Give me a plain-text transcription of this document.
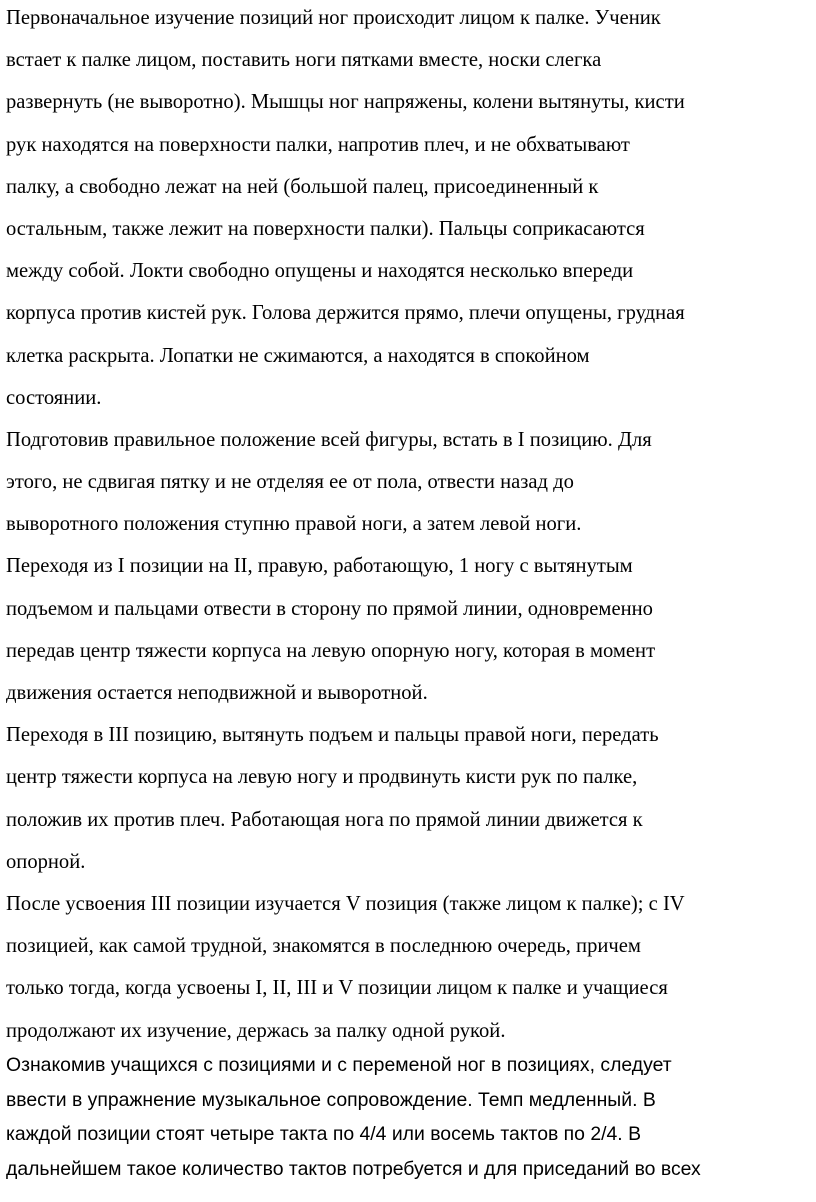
Первоначальное изучение позиций ног происходит лицом к палке. Ученик
встает к палке лицом, поставить ноги пятками вместе, носки слегка
развернуть (не выворотно). Мышцы ног напряжены, колени вытянуты, кисти
рук находятся на поверхности палки, напротив плеч, и не обхватывают
палку, а свободно лежат на ней (большой палец, присоединенный к
остальным, также лежит на поверхности палки). Пальцы соприкасаются
между собой. Локти свободно опущены и находятся несколько впереди
корпуса против кистей рук. Голова держится прямо, плечи опущены, грудная
клетка раскрыта. Лопатки не сжимаются, а находятся в спокойном
состоянии.

Подготовив правильное положение всей фигуры, встать в I позицию. Для
этого, не сдвигая пятку и не отделяя ее от пола, отвести назад до
выворотного положения ступню правой ноги, а затем левой ноги.

Переходя из I позиции на II, правую, работающую, 1 ногу с вытянутым
подъемом и пальцами отвести в сторону по прямой линии, одновременно
передав центр тяжести корпуса на левую опорную ногу, которая в момент
движения остается неподвижной и выворотной.

Переходя в III позицию, вытянуть подъем и пальцы правой ноги, передать
центр тяжести корпуса на левую ногу и продвинуть кисти рук по палке,
положив их против плеч. Работающая нога по прямой линии движется к
опорной.

После усвоения III позиции изучается V позиция (также лицом к палке); с IV
позицией, как самой трудной, знакомятся в последнюю очередь, причем
только тогда, когда усвоены I, II, III и V позиции лицом к палке и учащиеся
продолжают их изучение, держась за палку одной рукой.

Ознакомив учащихся с позициями и с переменой ног в позициях, следует
ввести в упражнение музыкальное сопровождение. Темп медленный. В
каждой позиции стоят четыре такта по 4/4 или восемь тактов по 2/4. В
дальнейшем такое количество тактов потребуется и для приседаний во всех
